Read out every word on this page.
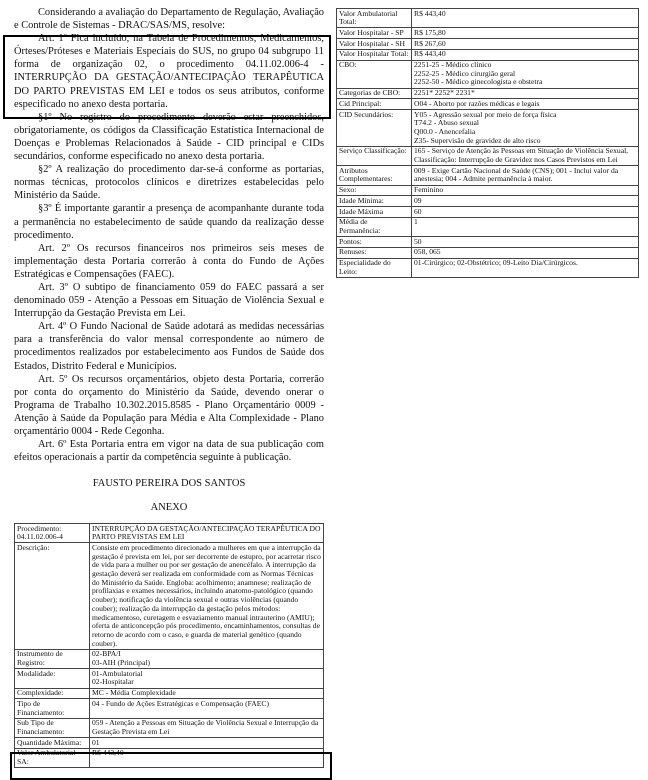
Considerando a avaliação do Departamento de Regulação, Avaliação e Controle de Sistemas - DRAC/SAS/MS, resolve:

Art. 1º Fica incluído, na Tabela de Procedimentos, Medicamentos, Órteses/Próteses e Materiais Especiais do SUS, no grupo 04 subgrupo 11 forma de organização 02, o procedimento 04.11.02.006-4 - INTERRUPÇÃO DA GESTAÇÃO/ANTECIPAÇÃO TERAPÊUTICA DO PARTO PREVISTAS EM LEI e todos os seus atributos, conforme especificado no anexo desta portaria.

§1º No registro do procedimento deverão estar preenchidos, obrigatoriamente, os códigos da Classificação Estatística Internacional de Doenças e Problemas Relacionados à Saúde - CID principal e CIDs secundários, conforme especificado no anexo desta portaria.

§2º A realização do procedimento dar-se-á conforme as portarias, normas técnicas, protocolos clínicos e diretrizes estabelecidas pelo Ministério da Saúde.

§3º É importante garantir a presença de acompanhante durante toda a permanência no estabelecimento de saúde quando da realização desse procedimento.

Art. 2º Os recursos financeiros nos primeiros seis meses de implementação desta Portaria correrão à conta do Fundo de Ações Estratégicas e Compensações (FAEC).

Art. 3º O subtipo de financiamento 059 do FAEC passará a ser denominado 059 - Atenção a Pessoas em Situação de Violência Sexual e Interrupção da Gestação Prevista em Lei.

Art. 4º O Fundo Nacional de Saúde adotará as medidas necessárias para a transferência do valor mensal correspondente ao número de procedimentos realizados por estabelecimento aos Fundos de Saúde dos Estados, Distrito Federal e Municípios.

Art. 5º Os recursos orçamentários, objeto desta Portaria, correrão por conta do orçamento do Ministério da Saúde, devendo onerar o Programa de Trabalho 10.302.2015.8585 - Plano Orçamentário 0009 - Atenção à Saúde da População para Média e Alta Complexidade - Plano orçamentário 0004 - Rede Cegonha.

Art. 6º Esta Portaria entra em vigor na data de sua publicação com efeitos operacionais a partir da competência seguinte à publicação.

FAUSTO PEREIRA DOS SANTOS
ANEXO
Procedimento: 04.11.02.006-4	INTERRUPÇÃO DA GESTAÇÃO/ANTECIPAÇÃO TERAPÊUTICA DO PARTO PREVISTAS EM LEI
Descrição:	Consiste em procedimento direcionado a mulheres em que a interrupção da gestação é prevista em lei, por ser decorrente de estupro, por acarretar risco de vida para a mulher ou por ser gestação de anencéfalo. A interrupção da gestação deverá ser realizada em conformidade com as Normas Técnicas do Ministério da Saúde. Engloba: acolhimento; anamnese; realização de profilaxias e exames necessários, incluindo anatomo-patológico (quando couber); notificação da violência sexual e outras violências (quando couber); realização da interrupção da gestação pelos métodos: medicamentoso, curetagem e esvaziamento manual intrauterino (AMIU); oferta de anticoncepção pós procedimento, encaminhamentos, consultas de retorno de acordo com o caso, e guarda de material genético (quando couber).
Instrumento de Registro:	02-BPA/I
03-AIH (Principal)

Modalidade:	01-Ambulatorial
02-Hospitalar

Complexidade:	MC - Média Complexidade
Tipo de Financiamento:	04 - Fundo de Ações Estratégicas e Compensação (FAEC)
Sub Tipo de Financiamento:	059 - Atenção a Pessoas em Situação de Violência Sexual e Interrupção da Gestação Prevista em Lei
Quantidade Máxima:	01
Valor Ambulatorial SA:	R$ 443,40
Valor Ambulatorial Total:	R$ 443,40
Valor Hospitalar - SP	R$ 175,80
Valor Hospitalar - SH	R$ 267,60
Valor Hospitalar Total:	R$ 443,40
CBO:	2251-25 - Médico clínico
2252-25 - Médico cirurgião geral
2252-50 - Médico ginecologista e obstetra

Categorias de CBO:	2251* 2252* 2231*
Cid Principal:	O04 - Aborto por razões médicas e legais
CID Secundários:	Y05 - Agressão sexual por meio de força física
T74.2 - Abuso sexual
Q00.0 - Anencefalia
Z35- Supervisão de gravidez de alto risco

Serviço Classificação:	165 - Serviço de Atenção às Pessoas em Situação de Violência Sexual,
Classificação: Interrupção de Gravidez nos Casos Previstos em Lei

Atributos Complementares:	009 - Exige Cartão Nacional de Saúde (CNS); 001 - Inclui valor da anestesia; 004 - Admite permanência à maior.
Sexo:	Feminino
Idade Mínima:	09
Idade Máxima	60
Média de Permanência:	1
Pontos:	50
Renuses:	058, 065
Especialidade do Leito:	01-Cirúrgico; 02-Obstétrico; 09-Leito Dia/Cirúrgicos.
